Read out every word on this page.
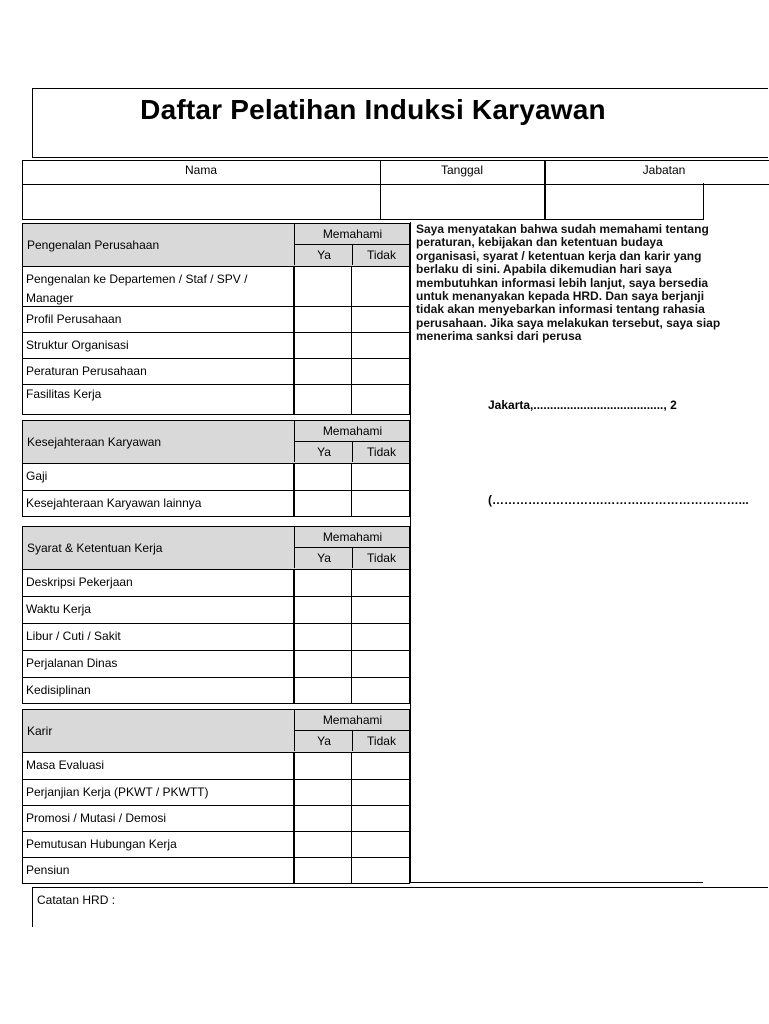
Daftar Pelatihan Induksi Karyawan
Nama	Tanggal	Jabatan
Pengenalan Perusahaan
Memahami
Ya	Tidak
Pengenalan ke Departemen / Staf / SPV / Manager
Profil Perusahaan
Struktur Organisasi
Peraturan Perusahaan
Fasilitas Kerja
Kesejahteraan Karyawan
Memahami
Ya	Tidak
Gaji
Kesejahteraan Karyawan lainnya
Syarat & Ketentuan Kerja
Memahami
Ya	Tidak
Deskripsi Pekerjaan
Waktu Kerja
Libur / Cuti / Sakit
Perjalanan Dinas
Kedisiplinan
Karir
Memahami
Ya	Tidak
Masa Evaluasi
Perjanjian Kerja (PKWT / PKWTT)
Promosi / Mutasi / Demosi
Pemutusan Hubungan Kerja
Pensiun
Saya menyatakan bahwa sudah memahami tentang peraturan, kebijakan dan ketentuan budaya organisasi, syarat / ketentuan kerja dan karir yang berlaku di sini. Apabila dikemudian hari saya membutuhkan informasi lebih lanjut, saya bersedia untuk menanyakan kepada HRD. Dan saya berjanji tidak akan menyebarkan informasi tentang rahasia perusahaan. Jika saya melakukan tersebut, saya siap menerima sanksi dari perusa
Jakarta,......................................., 2
(……………………….……….……………………...
Catatan HRD :
